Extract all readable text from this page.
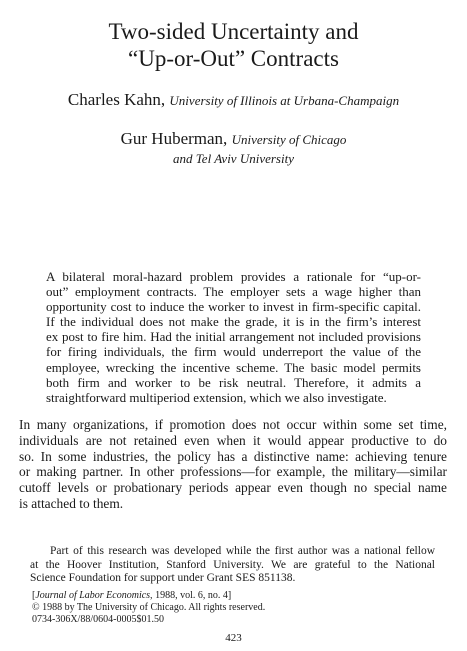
Two-sided Uncertainty and
“Up-or-Out” Contracts
Charles Kahn, University of Illinois at Urbana-Champaign
Gur Huberman, University of Chicago
and Tel Aviv University
A bilateral moral-hazard problem provides a rationale for “up-or-
out” employment contracts. The employer sets a wage higher than
opportunity cost to induce the worker to invest in firm-specific capital.
If the individual does not make the grade, it is in the firm’s interest
ex post to fire him. Had the initial arrangement not included provisions
for firing individuals, the firm would underreport the value of the
employee, wrecking the incentive scheme. The basic model permits
both firm and worker to be risk neutral. Therefore, it admits a
straightforward multiperiod extension, which we also investigate.
In many organizations, if promotion does not occur within some set time,
individuals are not retained even when it would appear productive to do
so. In some industries, the policy has a distinctive name: achieving tenure
or making partner. In other professions—for example, the military—similar
cutoff levels or probationary periods appear even though no special name
is attached to them.
Part of this research was developed while the first author was a national fellow
at the Hoover Institution, Stanford University. We are grateful to the National
Science Foundation for support under Grant SES 851138.
[Journal of Labor Economics, 1988, vol. 6, no. 4]
© 1988 by The University of Chicago. All rights reserved.
0734-306X/88/0604-0005$01.50
423
